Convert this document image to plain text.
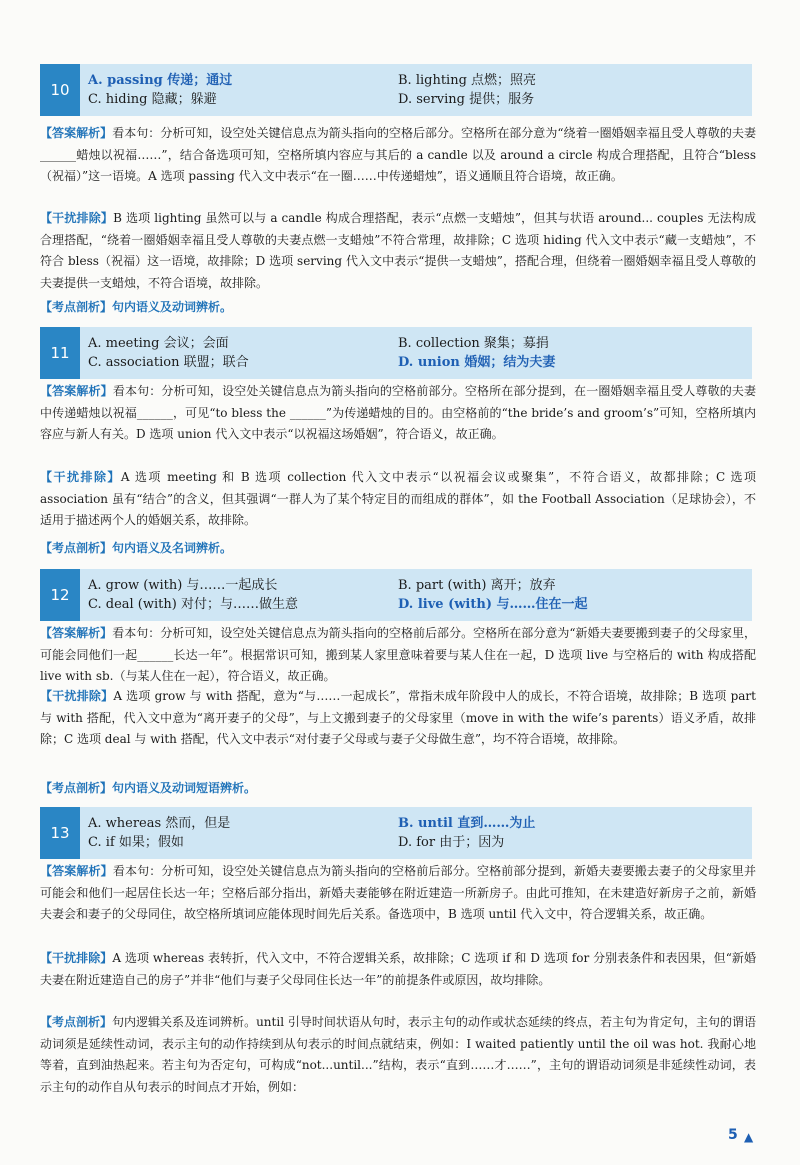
10
A. passing 传递；通过	B. lighting 点燃；照亮
C. hiding 隐藏；躲避	D. serving 提供；服务
【答案解析】看本句：分析可知，设空处关键信息点为箭头指向的空格后部分。空格所在部分意为“绕着一圈婚姻幸福且受人尊敬的夫妻______蜡烛以祝福……”，结合备选项可知，空格所填内容应与其后的 a candle 以及 around a circle 构成合理搭配，且符合“bless（祝福）”这一语境。A 选项 passing 代入文中表示“在一圈……中传递蜡烛”，语义通顺且符合语境，故正确。
【干扰排除】B 选项 lighting 虽然可以与 a candle 构成合理搭配，表示“点燃一支蜡烛”，但其与状语 around... couples 无法构成合理搭配，“绕着一圈婚姻幸福且受人尊敬的夫妻点燃一支蜡烛”不符合常理，故排除；C 选项 hiding 代入文中表示“藏一支蜡烛”，不符合 bless（祝福）这一语境，故排除；D 选项 serving 代入文中表示“提供一支蜡烛”，搭配合理，但绕着一圈婚姻幸福且受人尊敬的夫妻提供一支蜡烛，不符合语境，故排除。
【考点剖析】句内语义及动词辨析。
11
A. meeting 会议；会面	B. collection 聚集；募捐
C. association 联盟；联合	D. union 婚姻；结为夫妻
【答案解析】看本句：分析可知，设空处关键信息点为箭头指向的空格前部分。空格所在部分提到，在一圈婚姻幸福且受人尊敬的夫妻中传递蜡烛以祝福______，可见“to bless the ______”为传递蜡烛的目的。由空格前的“the bride’s and groom’s”可知，空格所填内容应与新人有关。D 选项 union 代入文中表示“以祝福这场婚姻”，符合语义，故正确。
【干扰排除】A 选项 meeting 和 B 选项 collection 代入文中表示“以祝福会议或聚集”，不符合语义，故都排除；C 选项 association 虽有“结合”的含义，但其强调“一群人为了某个特定目的而组成的群体”，如 the Football Association（足球协会），不适用于描述两个人的婚姻关系，故排除。
【考点剖析】句内语义及名词辨析。
12
A. grow (with) 与……一起成长	B. part (with) 离开；放弃
C. deal (with) 对付；与……做生意	D. live (with) 与……住在一起
【答案解析】看本句：分析可知，设空处关键信息点为箭头指向的空格前后部分。空格所在部分意为“新婚夫妻要搬到妻子的父母家里，可能会同他们一起______长达一年”。根据常识可知，搬到某人家里意味着要与某人住在一起，D 选项 live 与空格后的 with 构成搭配 live with sb.（与某人住在一起），符合语义，故正确。
【干扰排除】A 选项 grow 与 with 搭配，意为“与……一起成长”，常指未成年阶段中人的成长，不符合语境，故排除；B 选项 part 与 with 搭配，代入文中意为“离开妻子的父母”，与上文搬到妻子的父母家里（move in with the wife’s parents）语义矛盾，故排除；C 选项 deal 与 with 搭配，代入文中表示“对付妻子父母或与妻子父母做生意”，均不符合语境，故排除。
【考点剖析】句内语义及动词短语辨析。
13
A. whereas 然而，但是	B. until 直到……为止
C. if 如果；假如	D. for 由于；因为
【答案解析】看本句：分析可知，设空处关键信息点为箭头指向的空格前后部分。空格前部分提到，新婚夫妻要搬去妻子的父母家里并可能会和他们一起居住长达一年；空格后部分指出，新婚夫妻能够在附近建造一所新房子。由此可推知，在未建造好新房子之前，新婚夫妻会和妻子的父母同住，故空格所填词应能体现时间先后关系。备选项中，B 选项 until 代入文中，符合逻辑关系，故正确。
【干扰排除】A 选项 whereas 表转折，代入文中，不符合逻辑关系，故排除；C 选项 if 和 D 选项 for 分别表条件和表因果，但“新婚夫妻在附近建造自己的房子”并非“他们与妻子父母同住长达一年”的前提条件或原因，故均排除。
【考点剖析】句内逻辑关系及连词辨析。until 引导时间状语从句时，表示主句的动作或状态延续的终点，若主句为肯定句，主句的谓语动词须是延续性动词，表示主句的动作持续到从句表示的时间点就结束，例如：I waited patiently until the oil was hot. 我耐心地等着，直到油热起来。若主句为否定句，可构成“not...until...”结构，表示“直到……才……”，主句的谓语动词须是非延续性动词，表示主句的动作自从句表示的时间点才开始，例如：
5 ▲
